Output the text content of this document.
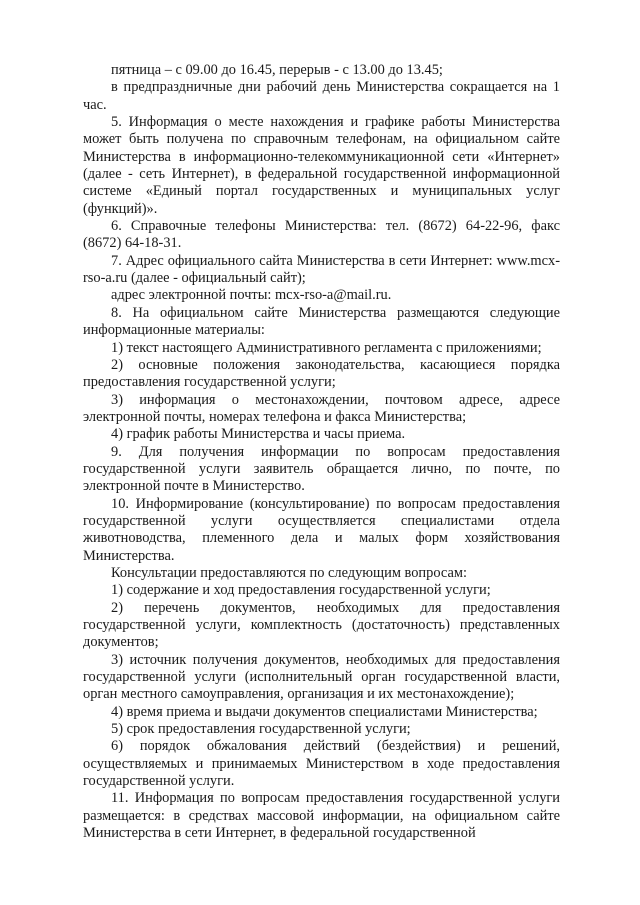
пятница – с 09.00 до 16.45, перерыв - с 13.00 до 13.45;

в предпраздничные дни рабочий день Министерства сокращается на 1 час.

5. Информация о месте нахождения и графике работы Министерства может быть получена по справочным телефонам, на официальном сайте Министерства в информационно-телекоммуникационной сети «Интернет» (далее - сеть Интернет), в федеральной государственной информационной системе «Единый портал государственных и муниципальных услуг (функций)».

6. Справочные телефоны Министерства: тел. (8672) 64-22-96, факс (8672) 64-18-31.

7. Адрес официального сайта Министерства в сети Интернет: www.mcx-rso-a.ru (далее - официальный сайт);

адрес электронной почты: mcx-rso-a@mail.ru.

8. На официальном сайте Министерства размещаются следующие информационные материалы:

1) текст настоящего Административного регламента с приложениями;

2) основные положения законодательства, касающиеся порядка предоставления государственной услуги;

3) информация о местонахождении, почтовом адресе, адресе электронной почты, номерах телефона и факса Министерства;

4) график работы Министерства и часы приема.

9. Для получения информации по вопросам предоставления государственной услуги заявитель обращается лично, по почте, по электронной почте в Министерство.

10. Информирование (консультирование) по вопросам предоставления государственной услуги осуществляется специалистами отдела животноводства, племенного дела и малых форм хозяйствования Министерства.

Консультации предоставляются по следующим вопросам:

1) содержание и ход предоставления государственной услуги;

2) перечень документов, необходимых для предоставления государственной услуги, комплектность (достаточность) представленных документов;

3) источник получения документов, необходимых для предоставления государственной услуги (исполнительный орган государственной власти, орган местного самоуправления, организация и их местонахождение);

4) время приема и выдачи документов специалистами Министерства;

5) срок предоставления государственной услуги;

6) порядок обжалования действий (бездействия) и решений, осуществляемых и принимаемых Министерством в ходе предоставления государственной услуги.

11. Информация по вопросам предоставления государственной услуги размещается: в средствах массовой информации, на официальном сайте Министерства в сети Интернет, в федеральной государственной
